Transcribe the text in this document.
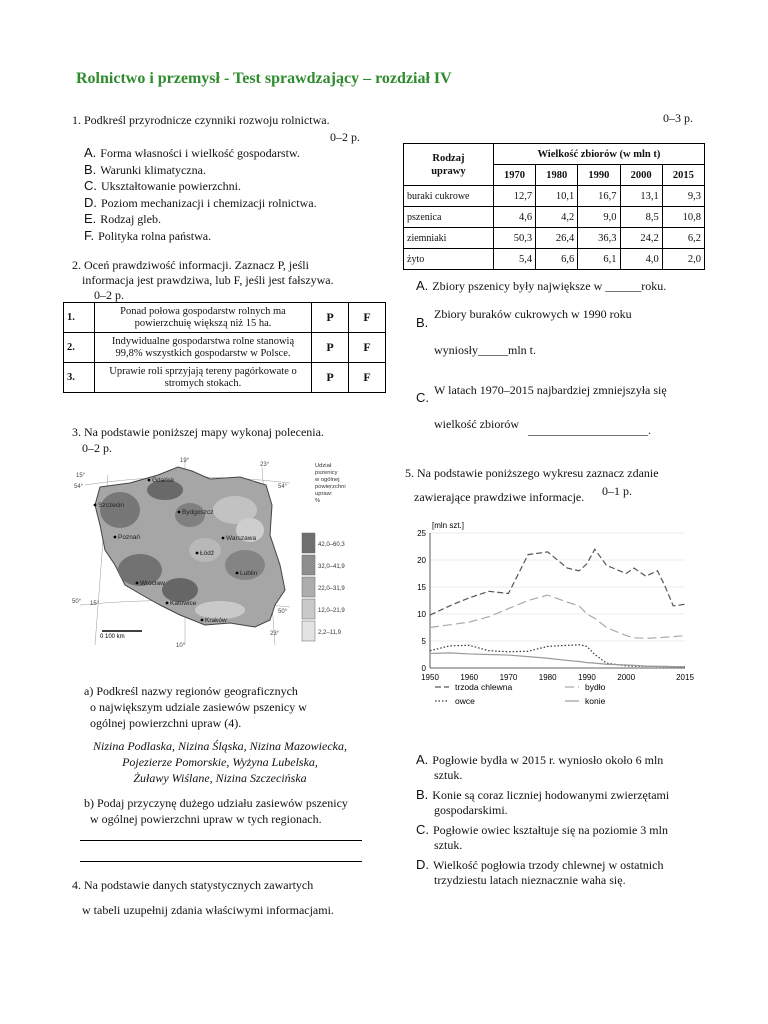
Rolnictwo i przemysł - Test sprawdzający – rozdział IV
1. Podkreśl przyrodnicze czynniki rozwoju rolnictwa.
0–2 p.
A. Forma własności i wielkość gospodarstw.
B. Warunki klimatyczna.
C. Ukształtowanie powierzchni.
D. Poziom mechanizacji i chemizacji rolnictwa.
E. Rodzaj gleb.
F. Polityka rolna państwa.
2. Oceń prawdziwość informacji. Zaznacz P, jeśli
informacja jest prawdziwa, lub F, jeśli jest fałszywa.
0–2 p.
1.	Ponad połowa gospodarstw rolnych ma powierzchuię większą niż 15 ha.	P	F
2.	Indywidualne gospodarstwa rolne stanowią 99,8% wszystkich gospodarstw w Polsce.	P	F
3.	Uprawie roli sprzyjają tereny pagórkowate o stromych stokach.	P	F
3. Na podstawie poniższej mapy wykonaj polecenia.
0–2 p.
Gdańsk
Szczecin
Bydgoszcz
Poznań	Warszawa
Łódź
Lublin
Wrocław
Katowice
Kraków
19°
15°
23°
54°	54°
50°
50°
15°
10°
23°
0 100 km
Udział
pszenicy
w ogólnej
powierzchni
upraw:
%
42,0–60,3
32,0–41,9
22,0–31,9
12,0–21,9
2,2–11,9
a) Podkreśl nazwy regionów geograficznych
o największym udziale zasiewów pszenicy w
ogólnej powierzchni upraw (4).
Nizina Podlaska, Nizina Śląska, Nizina Mazowiecka,
Pojezierze Pomorskie, Wyżyna Lubelska,
Żuławy Wiślane, Nizina Szczecińska
b) Podaj przyczynę dużego udziału zasiewów pszenicy
w ogólnej powierzchni upraw w tych regionach.
4. Na podstawie danych statystycznych zawartych
w tabeli uzupełnij zdania właściwymi informacjami.
0–3 p.
Rodzaj
uprawy	Wielkość zbiorów (w mln t)				
	1970	1980	1990	2000	2015
buraki cukrowe	12,7	10,1	16,7	13,1	9,3
pszenica	4,6	4,2	9,0	8,5	10,8
ziemniaki	50,3	26,4	36,3	24,2	6,2
żyto	5,4	6,6	6,1	4,0	2,0
A. Zbiory pszenicy były największe w ______roku.
B.
Zbiory buraków cukrowych w 1990 roku
wyniosły_____mln t.
C. W latach 1970–2015 najbardziej zmniejszyła się
wielkość zbiorów ____________________.
5. Na podstawie poniższego wykresu zaznacz zdanie
zawierające prawdziwe informacje. 0–1 p.
[mln szt.]
0
5
10
15
20
25
1950	1960	1970	1980	1990	2000	2015
trzoda chlewna	bydło
owce	konie
A. Pogłowie bydła w 2015 r. wyniosło około 6 mln
sztuk.
B. Konie są coraz liczniej hodowanymi zwierzętami
gospodarskimi.
C. Pogłowie owiec kształtuje się na poziomie 3 mln
sztuk.
D. Wielkość pogłowia trzody chlewnej w ostatnich
trzydziestu latach nieznacznie waha się.
